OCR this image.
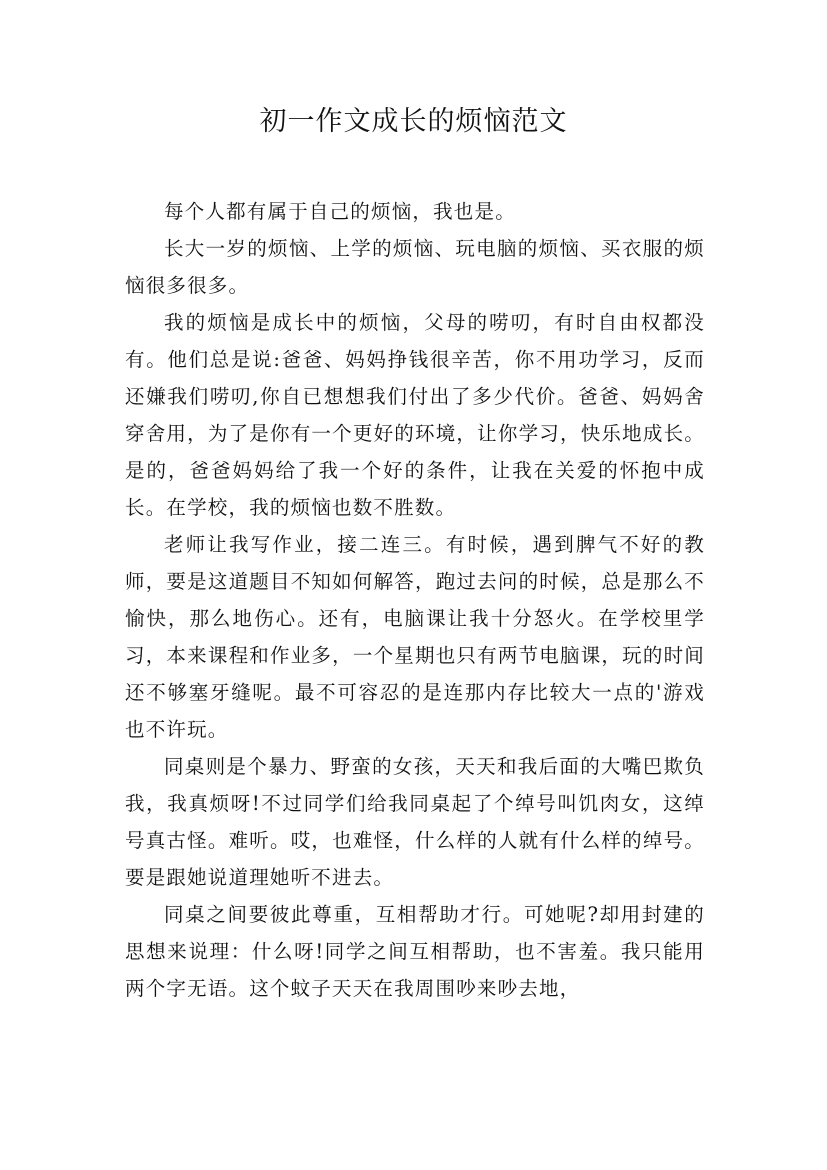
初一作文成长的烦恼范文

每个人都有属于自己的烦恼，我也是。

长大一岁的烦恼、上学的烦恼、玩电脑的烦恼、买衣服的烦恼很多很多。

我的烦恼是成长中的烦恼，父母的唠叨，有时自由权都没有。他们总是说:爸爸、妈妈挣钱很辛苦，你不用功学习，反而还嫌我们唠叨,你自已想想我们付出了多少代价。爸爸、妈妈舍穿舍用，为了是你有一个更好的环境，让你学习，快乐地成长。是的，爸爸妈妈给了我一个好的条件，让我在关爱的怀抱中成长。在学校，我的烦恼也数不胜数。

老师让我写作业，接二连三。有时候，遇到脾气不好的教师，要是这道题目不知如何解答，跑过去问的时候，总是那么不愉快，那么地伤心。还有，电脑课让我十分怒火。在学校里学习，本来课程和作业多，一个星期也只有两节电脑课，玩的时间还不够塞牙缝呢。最不可容忍的是连那内存比较大一点的'游戏也不许玩。

同桌则是个暴力、野蛮的女孩，天天和我后面的大嘴巴欺负我，我真烦呀!不过同学们给我同桌起了个绰号叫饥肉女，这绰号真古怪。难听。哎，也难怪，什么样的人就有什么样的绰号。要是跟她说道理她听不进去。

同桌之间要彼此尊重，互相帮助才行。可她呢?却用封建的思想来说理：什么呀!同学之间互相帮助，也不害羞。我只能用两个字无语。这个蚊子天天在我周围吵来吵去地，
